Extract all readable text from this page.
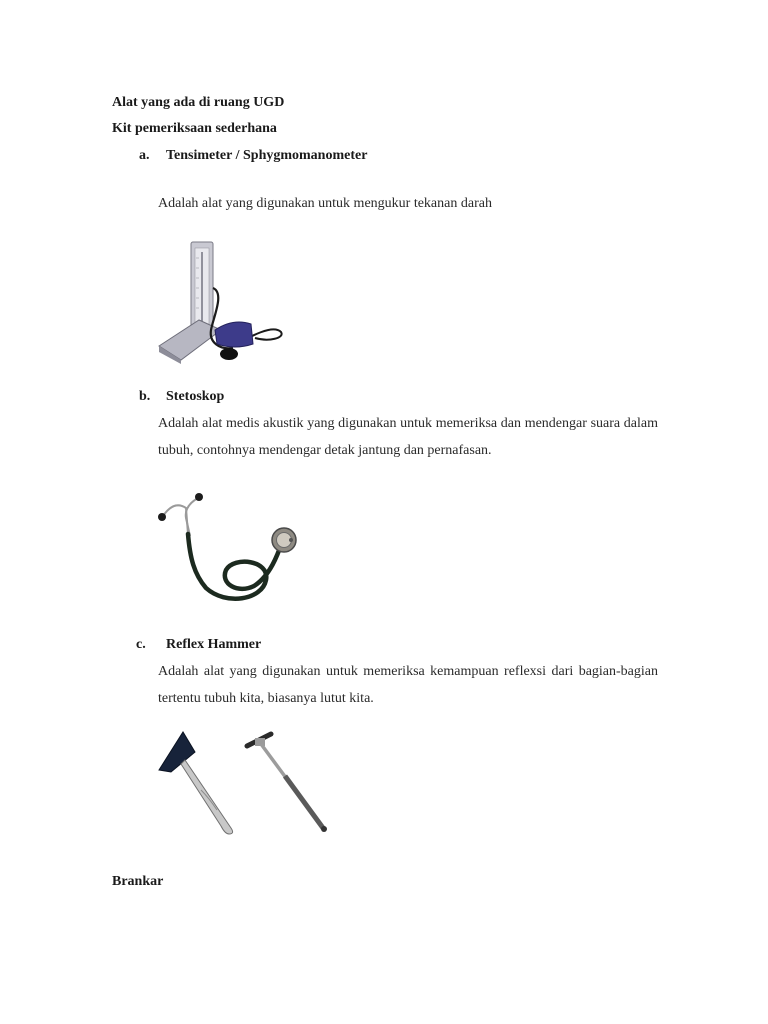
Alat yang ada di ruang UGD
Kit pemeriksaan sederhana
a. Tensimeter / Sphygmomanometer
Adalah alat yang digunakan untuk mengukur tekanan darah
b. Stetoskop
Adalah alat medis akustik yang digunakan untuk memeriksa dan mendengar suara dalam tubuh, contohnya mendengar detak jantung dan pernafasan.
c. Reflex Hammer
Adalah alat yang digunakan untuk memeriksa kemampuan reflexsi dari bagian-bagian tertentu tubuh kita, biasanya lutut kita.
Brankar
